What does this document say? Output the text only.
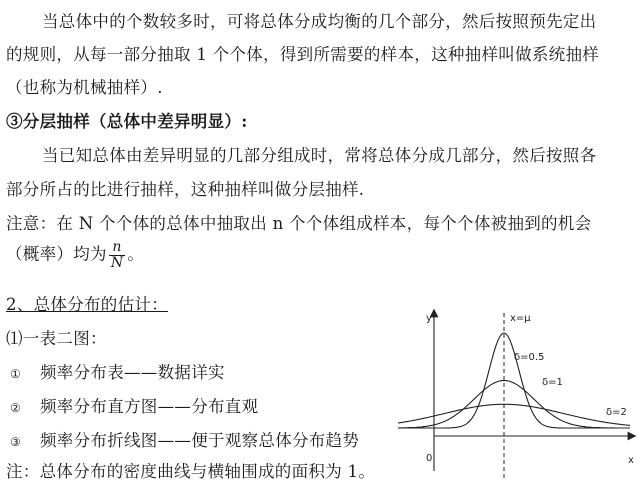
当总体中的个数较多时，可将总体分成均衡的几个部分，然后按照预先定出
的规则，从每一部分抽取 1 个个体，得到所需要的样本，这种抽样叫做系统抽样
（也称为机械抽样）.
③分层抽样（总体中差异明显）:
当已知总体由差异明显的几部分组成时，常将总体分成几部分，然后按照各
部分所占的比进行抽样，这种抽样叫做分层抽样.
注意：在 N 个个体的总体中抽取出 n 个个体组成样本，每个个体被抽到的机会
（概率）均为 $\frac{n}{N}$ 。
2、总体分布的估计：
⑴一表二图：
① 频率分布表——数据详实
② 频率分布直方图——分布直观
③ 频率分布折线图——便于观察总体分布趋势
注：总体分布的密度曲线与横轴围成的面积为 1。
y
x
0
x=μ
δ=0.5
δ=1
δ=2
